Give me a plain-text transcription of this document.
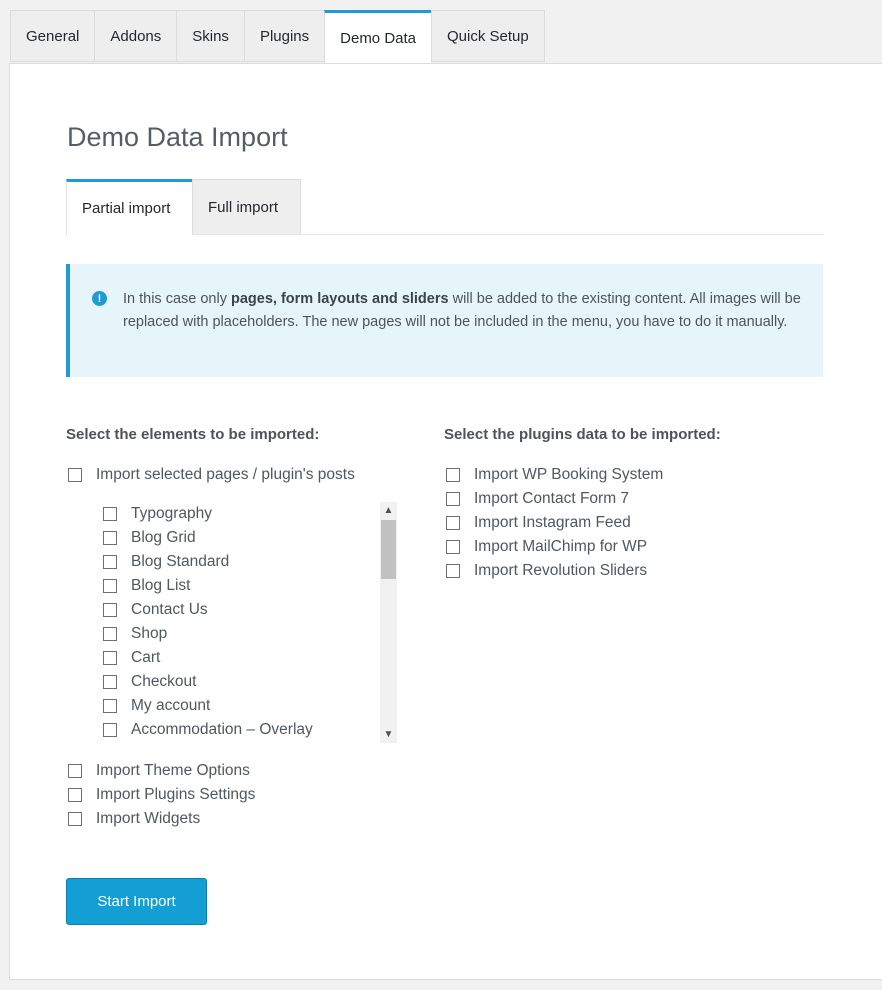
General	Addons	Skins	Plugins	Demo Data	Quick Setup
Demo Data Import
Partial import	Full import
!	In this case only pages, form layouts and sliders will be added to the existing content. All images will be replaced with placeholders. The new pages will not be included in the menu, you have to do it manually.
Select the elements to be imported:	Select the plugins data to be imported:
Import selected pages / plugin's posts
Typography
Blog Grid
Blog Standard
Blog List
Contact Us
Shop
Cart
Checkout
My account
Accommodation – Overlay
▲
▼
Import Theme Options
Import Plugins Settings
Import Widgets
Import WP Booking System
Import Contact Form 7
Import Instagram Feed
Import MailChimp for WP
Import Revolution Sliders
Start Import
